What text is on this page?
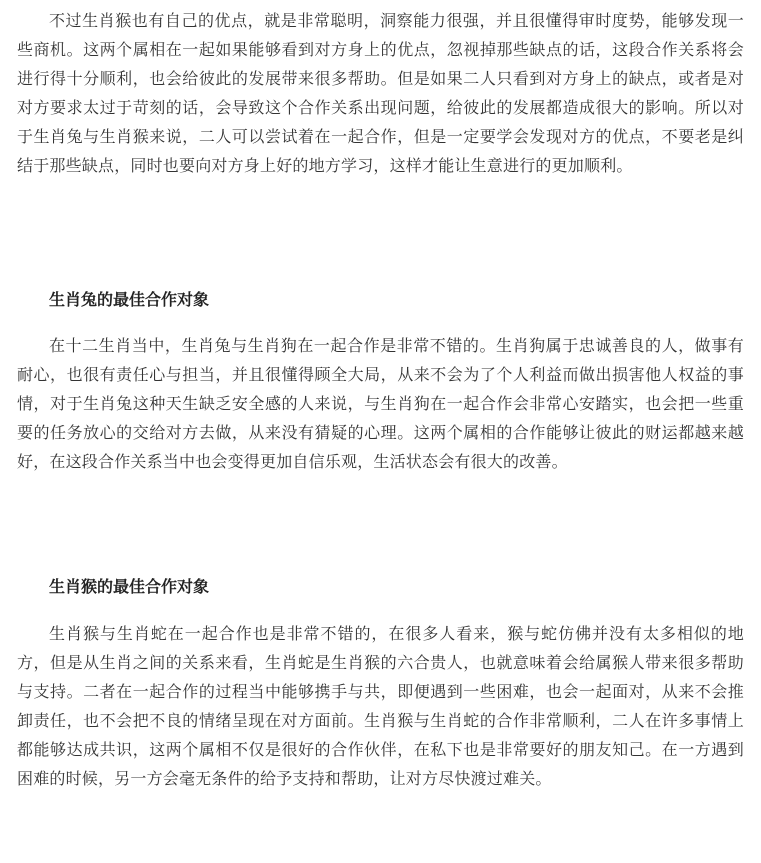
不过生肖猴也有自己的优点，就是非常聪明，洞察能力很强，并且很懂得审时度势，能够发现一些商机。这两个属相在一起如果能够看到对方身上的优点，忽视掉那些缺点的话，这段合作关系将会进行得十分顺利，也会给彼此的发展带来很多帮助。但是如果二人只看到对方身上的缺点，或者是对对方要求太过于苛刻的话，会导致这个合作关系出现问题，给彼此的发展都造成很大的影响。所以对于生肖兔与生肖猴来说，二人可以尝试着在一起合作，但是一定要学会发现对方的优点，不要老是纠结于那些缺点，同时也要向对方身上好的地方学习，这样才能让生意进行的更加顺利。

生肖兔的最佳合作对象

在十二生肖当中，生肖兔与生肖狗在一起合作是非常不错的。生肖狗属于忠诚善良的人，做事有耐心，也很有责任心与担当，并且很懂得顾全大局，从来不会为了个人利益而做出损害他人权益的事情，对于生肖兔这种天生缺乏安全感的人来说，与生肖狗在一起合作会非常心安踏实，也会把一些重要的任务放心的交给对方去做，从来没有猜疑的心理。这两个属相的合作能够让彼此的财运都越来越好，在这段合作关系当中也会变得更加自信乐观，生活状态会有很大的改善。

生肖猴的最佳合作对象

生肖猴与生肖蛇在一起合作也是非常不错的，在很多人看来，猴与蛇仿佛并没有太多相似的地方，但是从生肖之间的关系来看，生肖蛇是生肖猴的六合贵人，也就意味着会给属猴人带来很多帮助与支持。二者在一起合作的过程当中能够携手与共，即便遇到一些困难，也会一起面对，从来不会推卸责任，也不会把不良的情绪呈现在对方面前。生肖猴与生肖蛇的合作非常顺利，二人在许多事情上都能够达成共识，这两个属相不仅是很好的合作伙伴，在私下也是非常要好的朋友知己。在一方遇到困难的时候，另一方会毫无条件的给予支持和帮助，让对方尽快渡过难关。
